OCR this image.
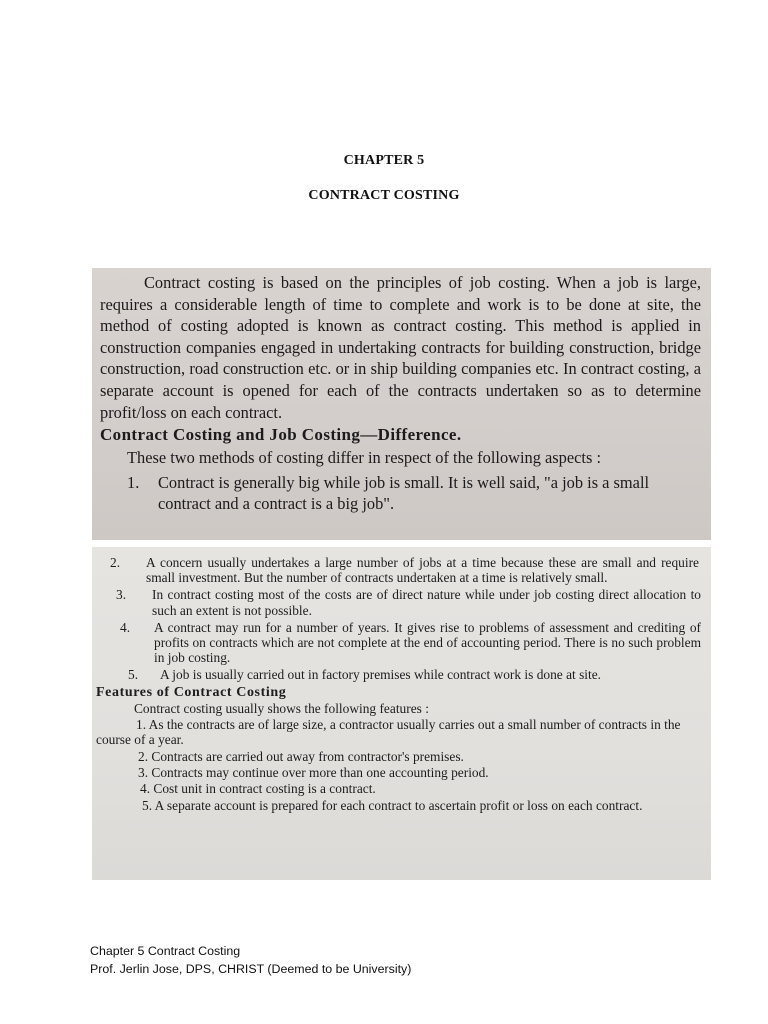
CHAPTER 5
CONTRACT COSTING

Contract costing is based on the principles of job costing. When a job is large, requires a considerable length of time to complete and work is to be done at site, the method of costing adopted is known as contract costing. This method is applied in construction companies engaged in undertaking contracts for building construction, bridge construction, road construction etc. or in ship building companies etc. In contract costing, a separate account is opened for each of the contracts undertaken so as to determine profit/loss on each contract.

Contract Costing and Job Costing—Difference.
These two methods of costing differ in respect of the following aspects :
1. Contract is generally big while job is small. It is well said, "a job is a small contract and a contract is a big job".
2. A concern usually undertakes a large number of jobs at a time because these are small and require small investment. But the number of contracts undertaken at a time is relatively small.
3. In contract costing most of the costs are of direct nature while under job costing direct allocation to such an extent is not possible.
4. A contract may run for a number of years. It gives rise to problems of assessment and crediting of profits on contracts which are not complete at the end of accounting period. There is no such problem in job costing.
5. A job is usually carried out in factory premises while contract work is done at site.
Features of Contract Costing
Contract costing usually shows the following features :
1. As the contracts are of large size, a contractor usually carries out a small number of contracts in the course of a year.
2. Contracts are carried out away from contractor's premises.
3. Contracts may continue over more than one accounting period.
4. Cost unit in contract costing is a contract.
5. A separate account is prepared for each contract to ascertain profit or loss on each contract.
Chapter 5 Contract Costing
Prof. Jerlin Jose, DPS, CHRIST (Deemed to be University)
